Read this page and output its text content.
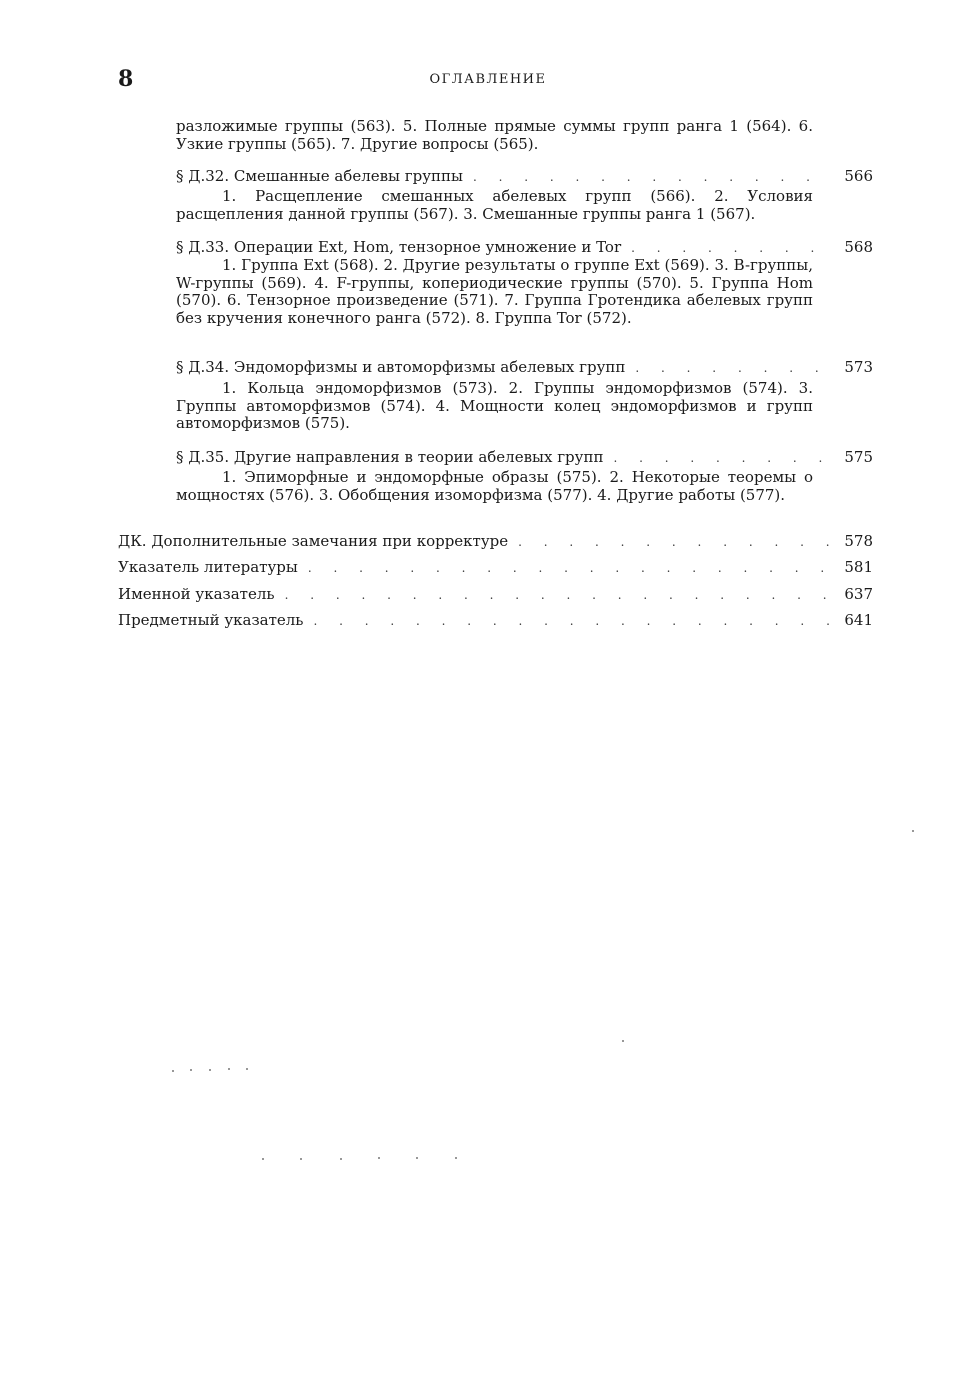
8	ОГЛАВЛЕНИЕ

разложимые группы (563). 5. Полные прямые суммы групп ранга 1 (564). 6. Узкие группы (565). 7. Другие вопросы (565).

§ Д.32. Смешанные абелевы группы . . .	566

1. Расщепление смешанных абелевых групп (566). 2. Условия расщепления данной группы (567). 3. Смешанные группы ранга 1 (567).

§ Д.33. Операции Ext, Hom, тензорное умножение и Tor . . .	568

1. Группа Ext (568). 2. Другие результаты о группе Ext (569). 3. B-группы, W-группы (569). 4. F-группы, копериодические группы (570). 5. Группа Hom (570). 6. Тензорное произведение (571). 7. Группа Гротендика абелевых групп без кручения конечного ранга (572). 8. Группа Tor (572).

§ Д.34. Эндоморфизмы и автоморфизмы абелевых групп . . .	573

1. Кольца эндоморфизмов (573). 2. Группы эндоморфизмов (574). 3. Группы автоморфизмов (574). 4. Мощности колец эндоморфизмов и групп автоморфизмов (575).

§ Д.35. Другие направления в теории абелевых групп . . .	575

1. Эпиморфные и эндоморфные образы (575). 2. Некоторые теоремы о мощностях (576). 3. Обобщения изоморфизма (577). 4. Другие работы (577).

ДК. Дополнительные замечания при корректуре . . .	578
Указатель литературы . . .	581
Именной указатель . . .	637
Предметный указатель . . .	641
